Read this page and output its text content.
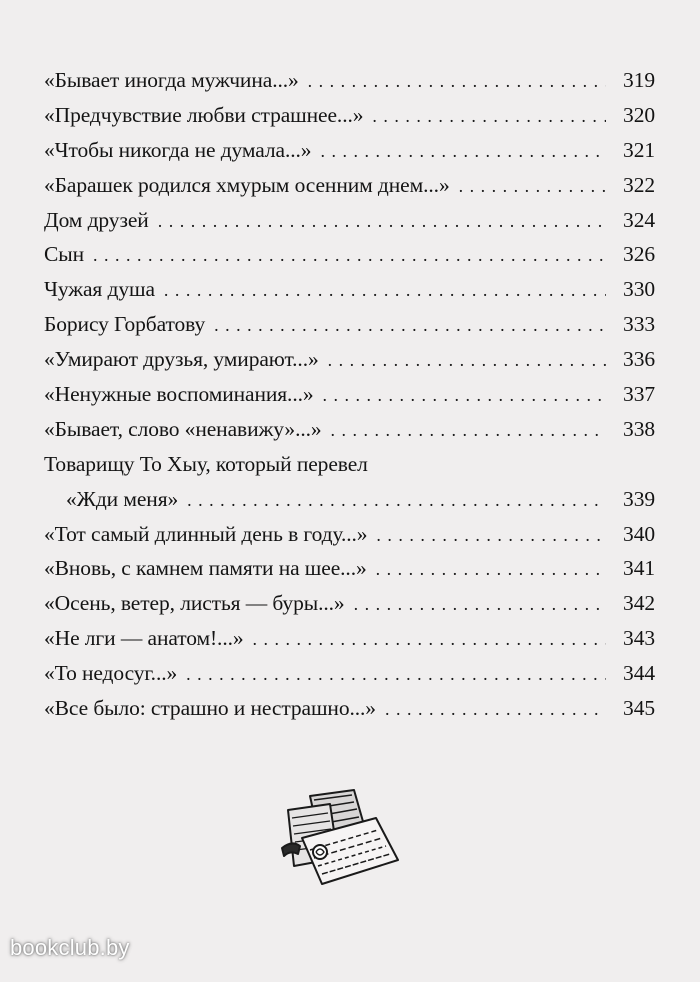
«Бывает иногда мужчина...» . . .	319
«Предчувствие любви страшнее...» . . .	320
«Чтобы никогда не думала...» . . .	321
«Барашек родился хмурым осенним днем...» . . .	322
Дом друзей . . .	324
Сын . . .	326
Чужая душа . . .	330
Борису Горбатову . . .	333
«Умирают друзья, умирают...» . . .	336
«Ненужные воспоминания...» . . .	337
«Бывает, слово «ненавижу»...» . . .	338
Товарищу То Хыу, который перевел
«Жди меня» . . .	339
«Тот самый длинный день в году...» . . .	340
«Вновь, с камнем памяти на шее...» . . .	341
«Осень, ветер, листья — буры...» . . .	342
«Не лги — анатом!...» . . .	343
«То недосуг...» . . .	344
«Все было: страшно и нестрашно...» . . .	345
bookclub.by
